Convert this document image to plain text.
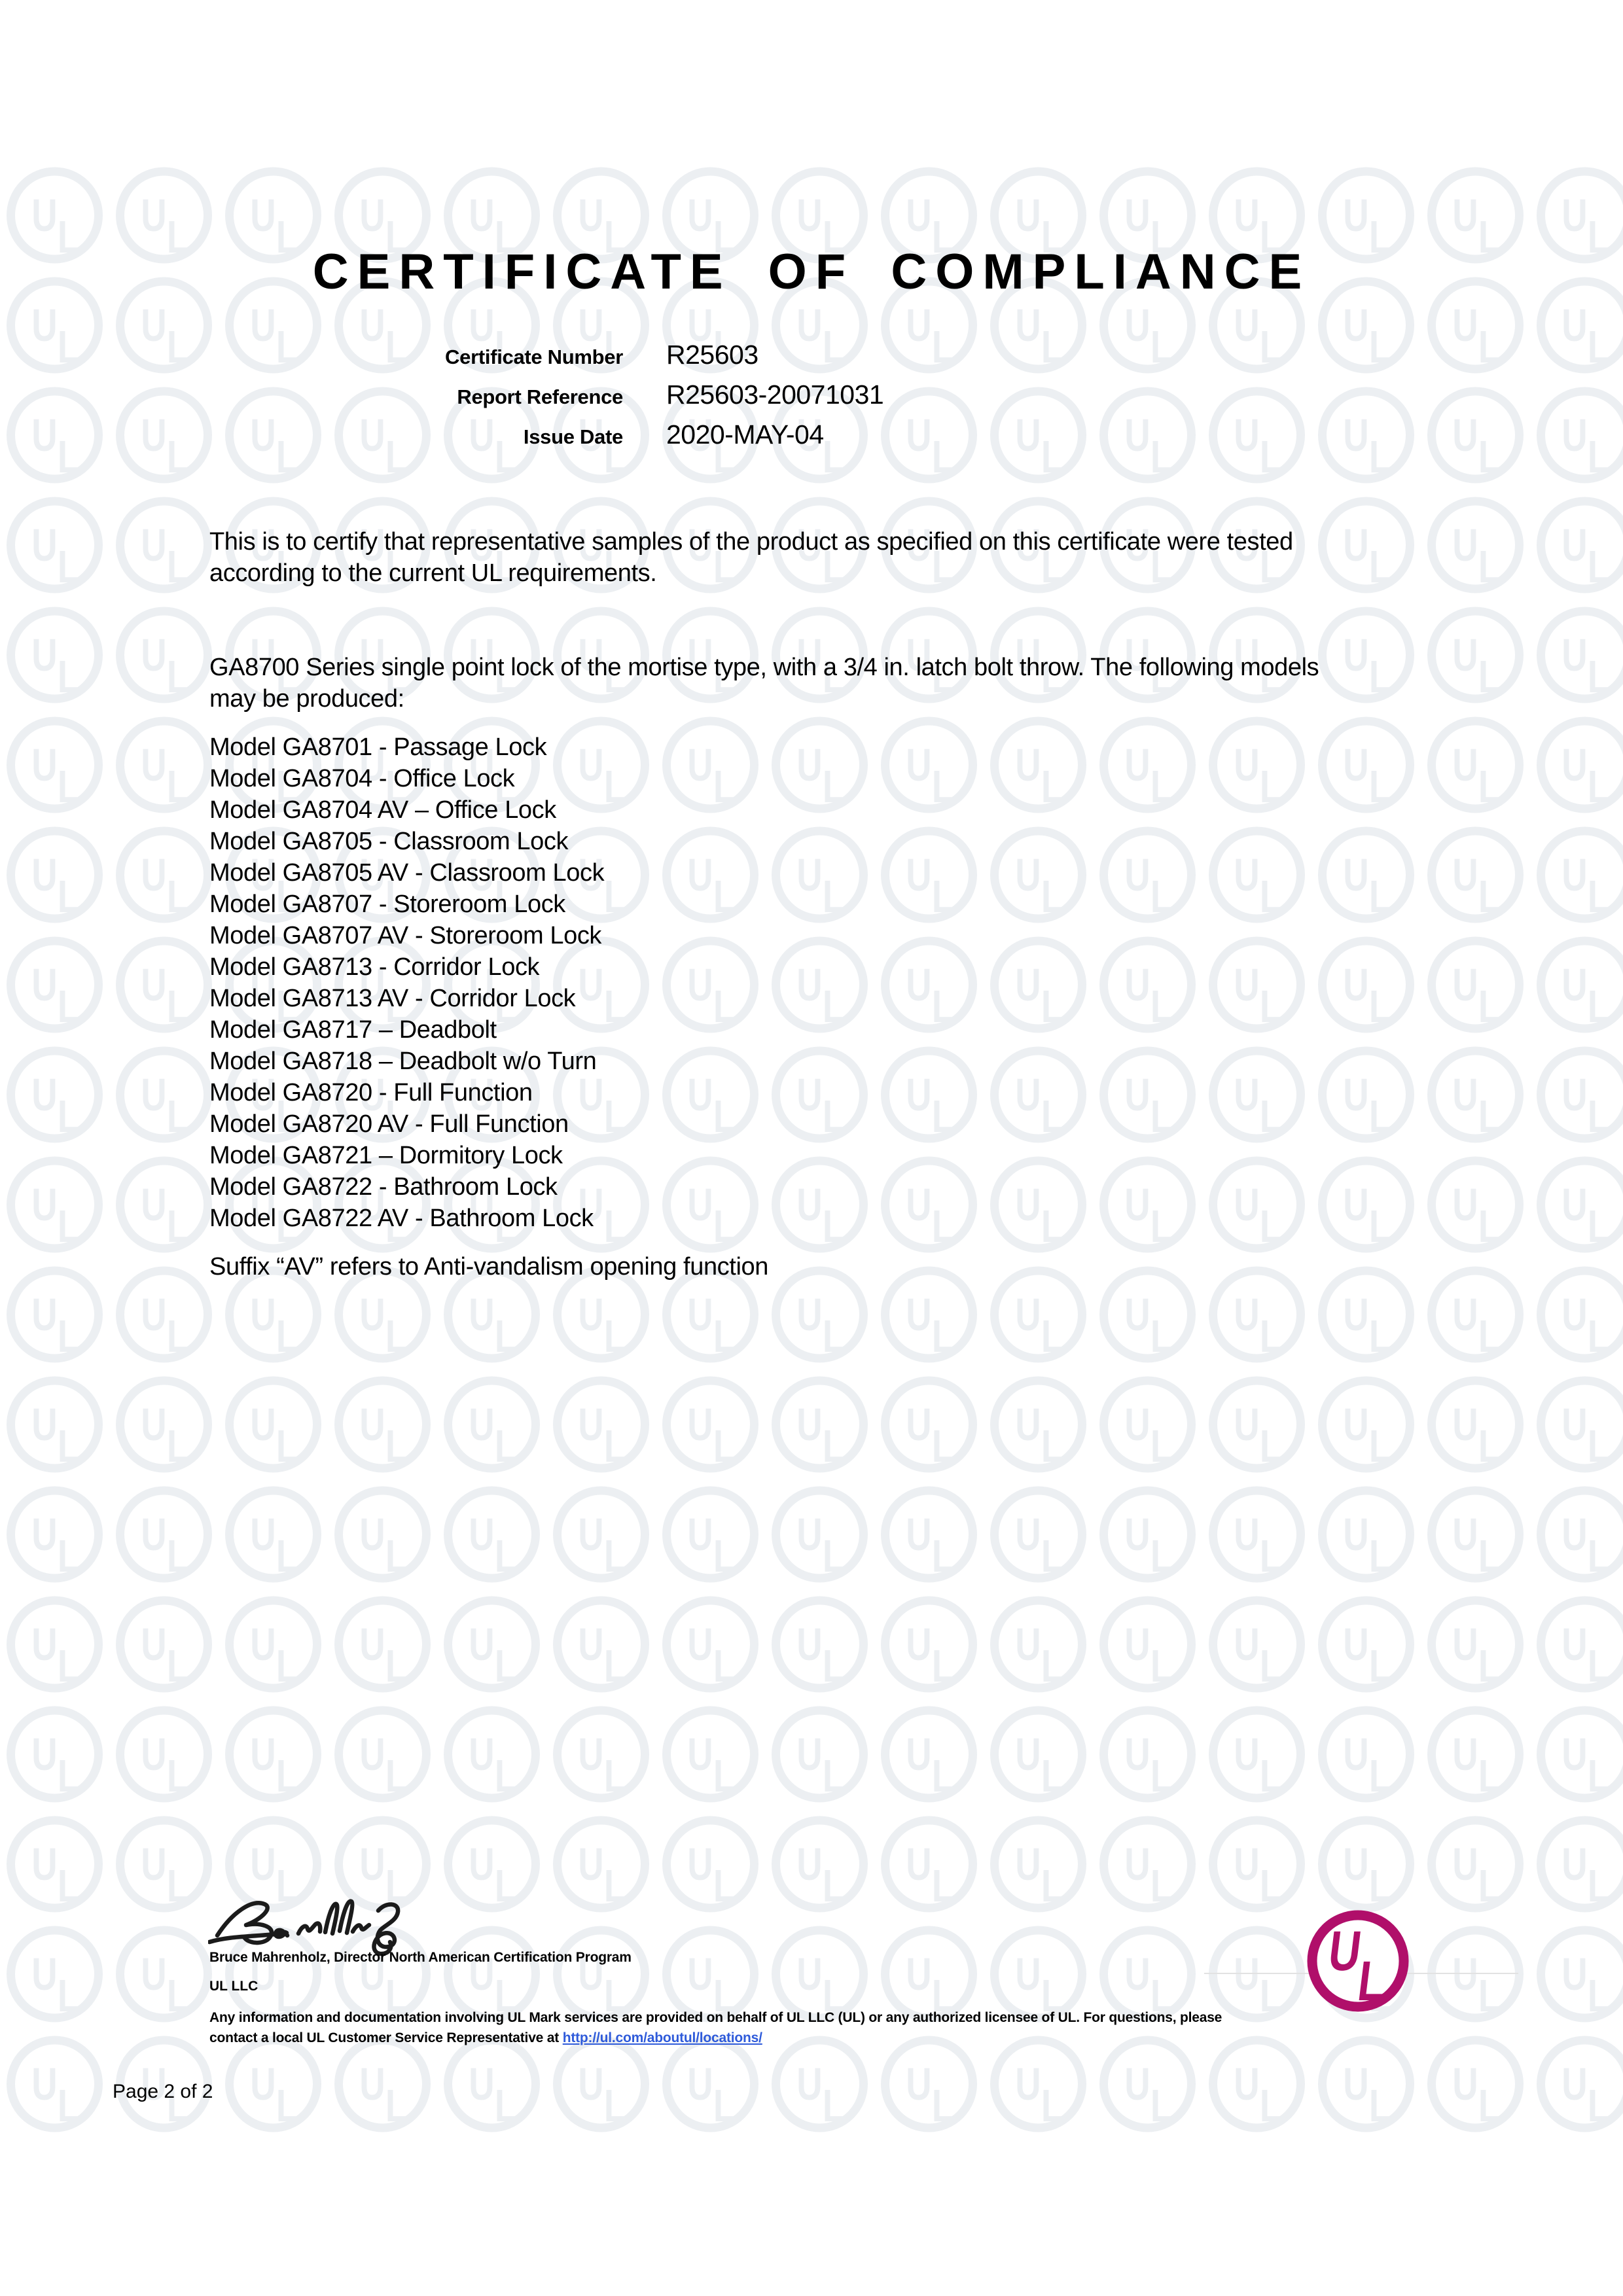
CERTIFICATE OF COMPLIANCE
Certificate Number R25603
Report Reference R25603-20071031
Issue Date 2020-MAY-04
This is to certify that representative samples of the product as specified on this certificate were tested
according to the current UL requirements.
GA8700 Series single point lock of the mortise type, with a 3/4 in. latch bolt throw. The following models
may be produced:
Model GA8701 - Passage Lock
Model GA8704 - Office Lock
Model GA8704 AV – Office Lock
Model GA8705 - Classroom Lock
Model GA8705 AV - Classroom Lock
Model GA8707 - Storeroom Lock
Model GA8707 AV - Storeroom Lock
Model GA8713 - Corridor Lock
Model GA8713 AV - Corridor Lock
Model GA8717 – Deadbolt
Model GA8718 – Deadbolt w/o Turn
Model GA8720 - Full Function
Model GA8720 AV - Full Function
Model GA8721 – Dormitory Lock
Model GA8722 - Bathroom Lock
Model GA8722 AV - Bathroom Lock
Suffix “AV” refers to Anti-vandalism opening function
Bruce Mahrenholz, Director North American Certification Program
UL LLC
Any information and documentation involving UL Mark services are provided on behalf of UL LLC (UL) or any authorized licensee of UL. For questions, please
contact a local UL Customer Service Representative at http://ul.com/aboutul/locations/
U
L
Page 2 of 2
